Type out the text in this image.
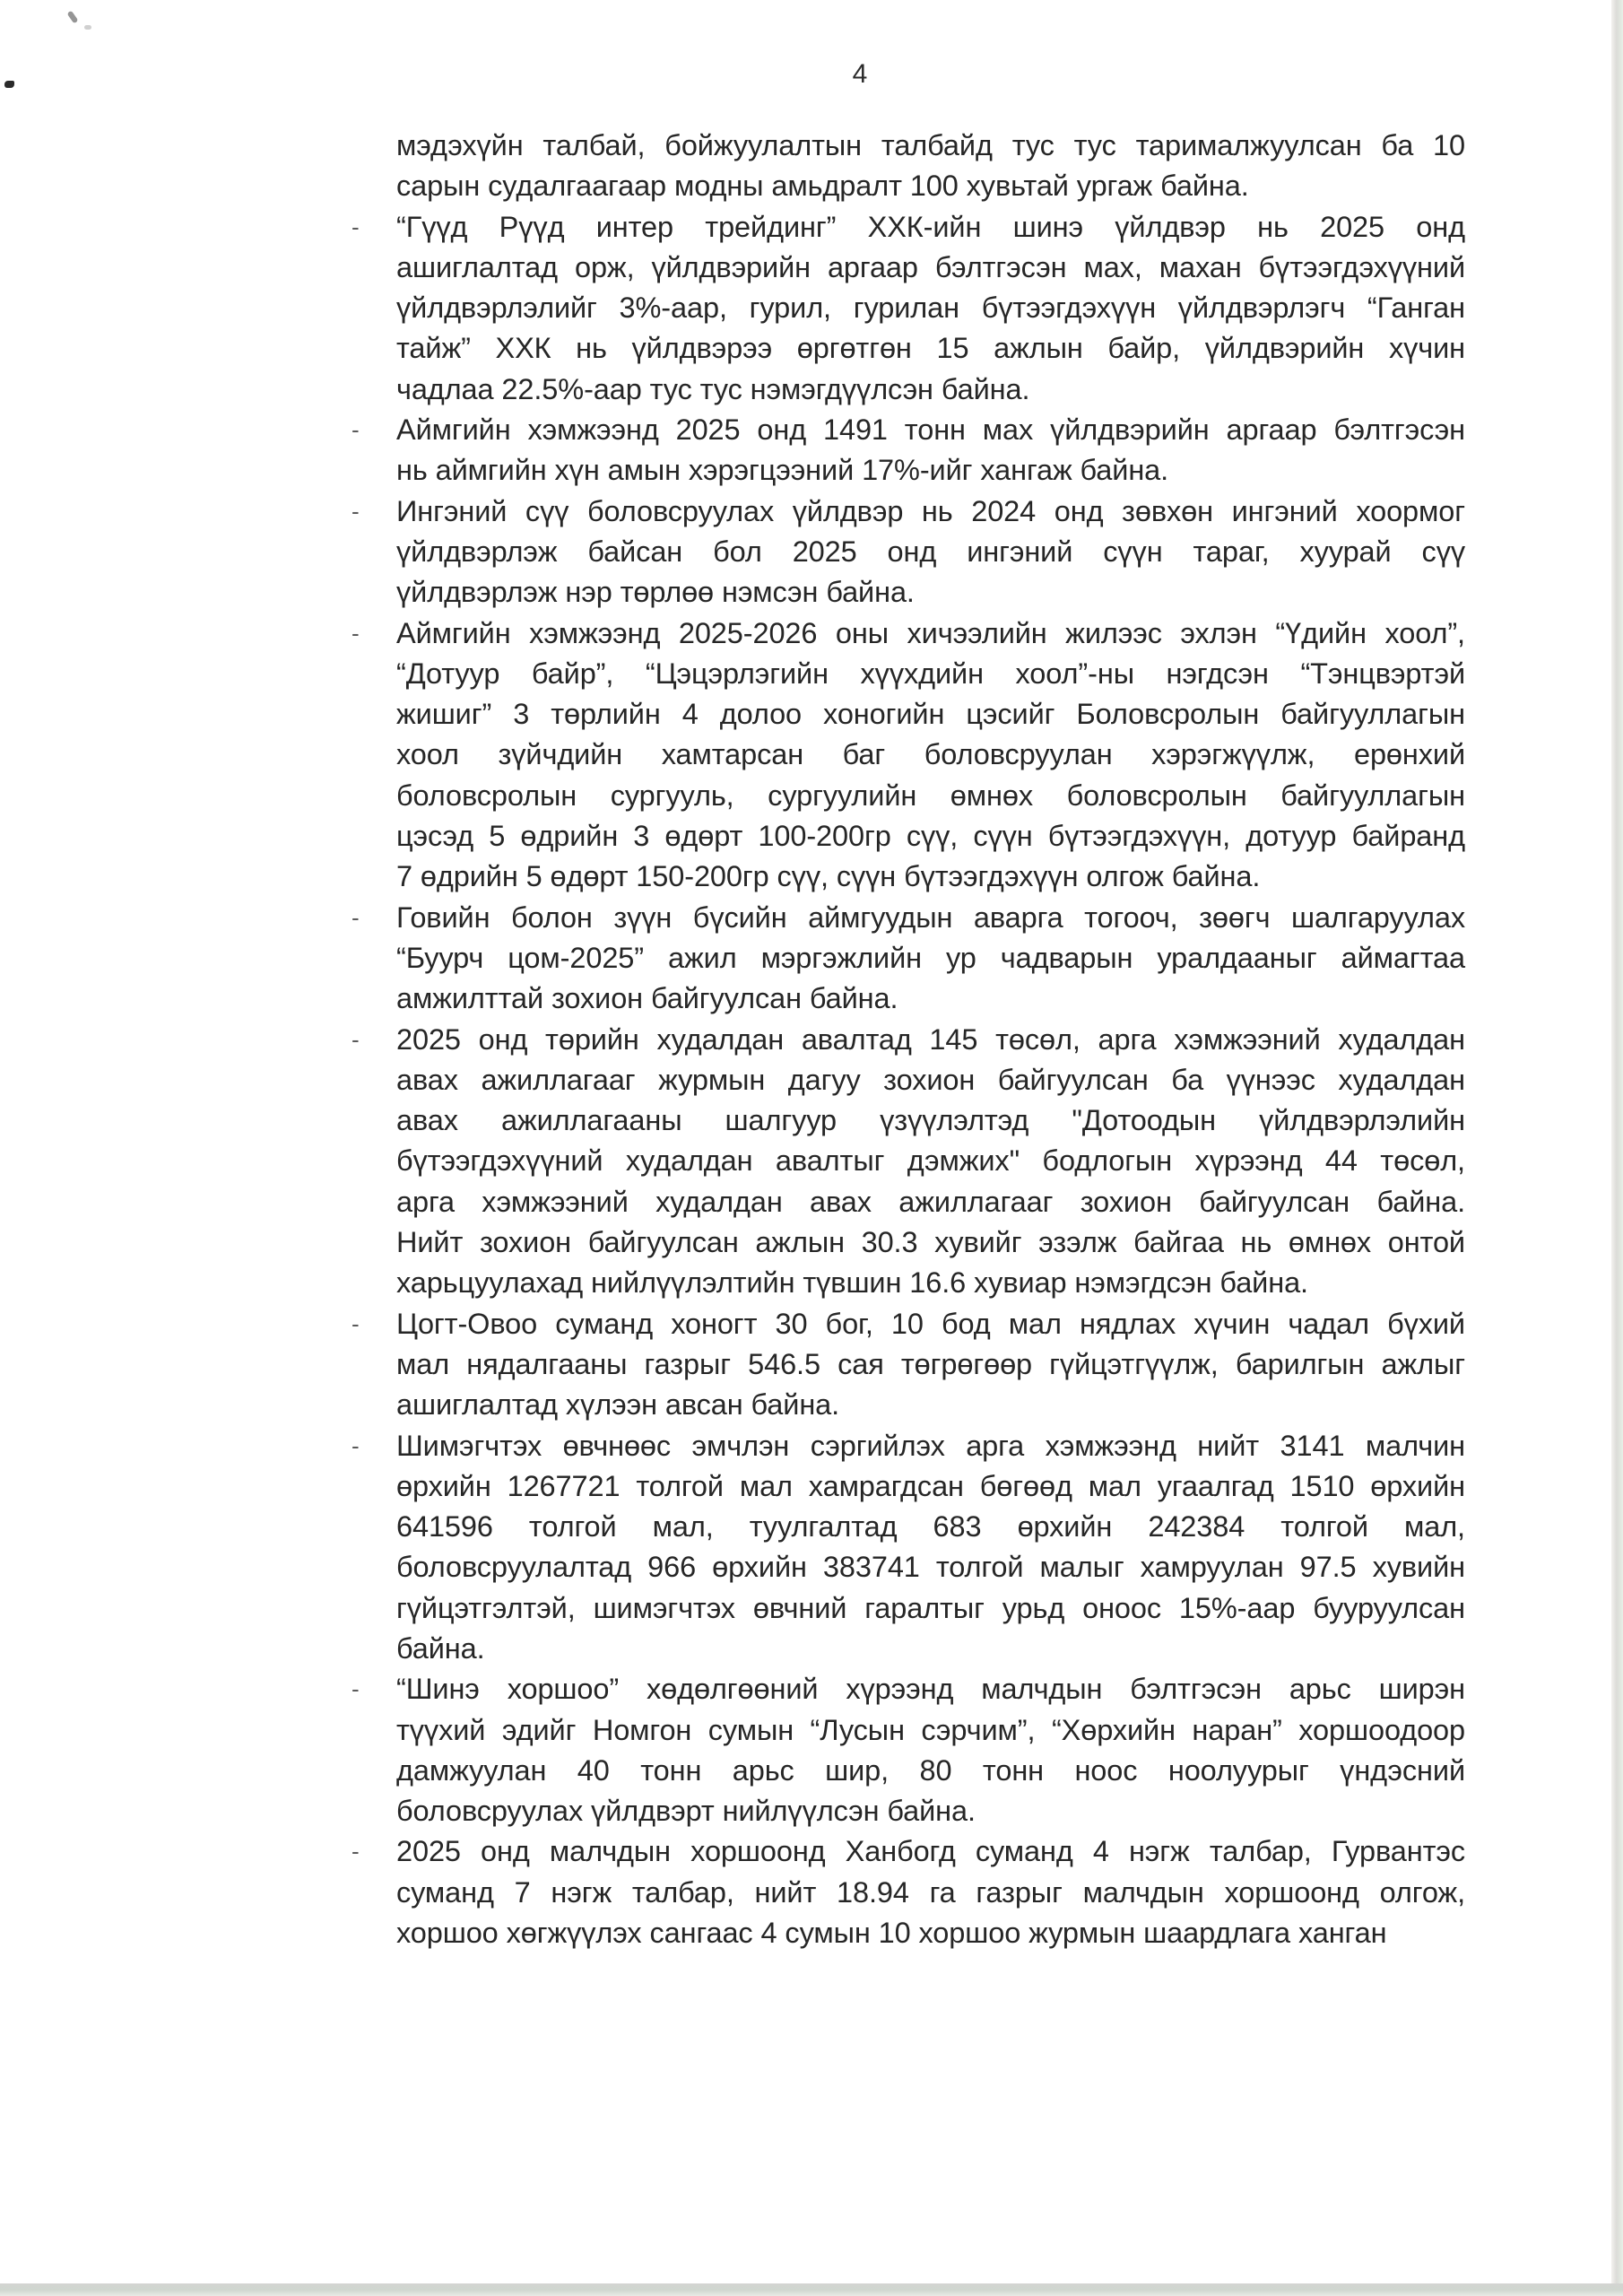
4
мэдэхүйн талбай, бойжуулалтын талбайд тус тус тарималжуулсан ба 10
сарын судалгаагаар модны амьдралт 100 хувьтай ургаж байна.
- “Гүүд Рүүд интер трейдинг” ХХК-ийн шинэ үйлдвэр нь 2025 онд
ашиглалтад орж, үйлдвэрийн аргаар бэлтгэсэн мах, махан бүтээгдэхүүний
үйлдвэрлэлийг 3%-аар, гурил, гурилан бүтээгдэхүүн үйлдвэрлэгч “Ганган
тайж” ХХК нь үйлдвэрээ өргөтгөн 15 ажлын байр, үйлдвэрийн хүчин
чадлаа 22.5%-аар тус тус нэмэгдүүлсэн байна.
- Аймгийн хэмжээнд 2025 онд 1491 тонн мах үйлдвэрийн аргаар бэлтгэсэн
нь аймгийн хүн амын хэрэгцээний 17%-ийг хангаж байна.
- Ингэний сүү боловсруулах үйлдвэр нь 2024 онд зөвхөн ингэний хоормог
үйлдвэрлэж байсан бол 2025 онд ингэний сүүн тараг, хуурай сүү
үйлдвэрлэж нэр төрлөө нэмсэн байна.
- Аймгийн хэмжээнд 2025-2026 оны хичээлийн жилээс эхлэн “Үдийн хоол”,
“Дотуур байр”, “Цэцэрлэгийн хүүхдийн хоол”-ны нэгдсэн “Тэнцвэртэй
жишиг” 3 төрлийн 4 долоо хоногийн цэсийг Боловсролын байгууллагын
хоол зүйчдийн хамтарсан баг боловсруулан хэрэгжүүлж, ерөнхий
боловсролын сургууль, сургуулийн өмнөх боловсролын байгууллагын
цэсэд 5 өдрийн 3 өдөрт 100-200гр сүү, сүүн бүтээгдэхүүн, дотуур байранд
7 өдрийн 5 өдөрт 150-200гр сүү, сүүн бүтээгдэхүүн олгож байна.
- Говийн болон зүүн бүсийн аймгуудын аварга тогооч, зөөгч шалгаруулах
“Буурч цом-2025” ажил мэргэжлийн ур чадварын уралдааныг аймагтаа
амжилттай зохион байгуулсан байна.
- 2025 онд төрийн худалдан авалтад 145 төсөл, арга хэмжээний худалдан
авах ажиллагааг журмын дагуу зохион байгуулсан ба үүнээс худалдан
авах ажиллагааны шалгуур үзүүлэлтэд "Дотоодын үйлдвэрлэлийн
бүтээгдэхүүний худалдан авалтыг дэмжих" бодлогын хүрээнд 44 төсөл,
арга хэмжээний худалдан авах ажиллагааг зохион байгуулсан байна.
Нийт зохион байгуулсан ажлын 30.3 хувийг эзэлж байгаа нь өмнөх онтой
харьцуулахад нийлүүлэлтийн түвшин 16.6 хувиар нэмэгдсэн байна.
- Цогт-Овоо суманд хоногт 30 бог, 10 бод мал нядлах хүчин чадал бүхий
мал нядалгааны газрыг 546.5 сая төгрөгөөр гүйцэтгүүлж, барилгын ажлыг
ашиглалтад хүлээн авсан байна.
- Шимэгчтэх өвчнөөс эмчлэн сэргийлэх арга хэмжээнд нийт 3141 малчин
өрхийн 1267721 толгой мал хамрагдсан бөгөөд мал угаалгад 1510 өрхийн
641596 толгой мал, туулгалтад 683 өрхийн 242384 толгой мал,
боловсруулалтад 966 өрхийн 383741 толгой малыг хамруулан 97.5 хувийн
гүйцэтгэлтэй, шимэгчтэх өвчний гаралтыг урьд оноос 15%-аар бууруулсан
байна.
- “Шинэ хоршоо” хөдөлгөөний хүрээнд малчдын бэлтгэсэн арьс ширэн
түүхий эдийг Номгон сумын “Лусын сэрчим”, “Хөрхийн наран” хоршоодоор
дамжуулан 40 тонн арьс шир, 80 тонн ноос ноолуурыг үндэсний
боловсруулах үйлдвэрт нийлүүлсэн байна.
- 2025 онд малчдын хоршоонд Ханбогд суманд 4 нэгж талбар, Гурвантэс
суманд 7 нэгж талбар, нийт 18.94 га газрыг малчдын хоршоонд олгож,
хоршоо хөгжүүлэх сангаас 4 сумын 10 хоршоо журмын шаардлага ханган
